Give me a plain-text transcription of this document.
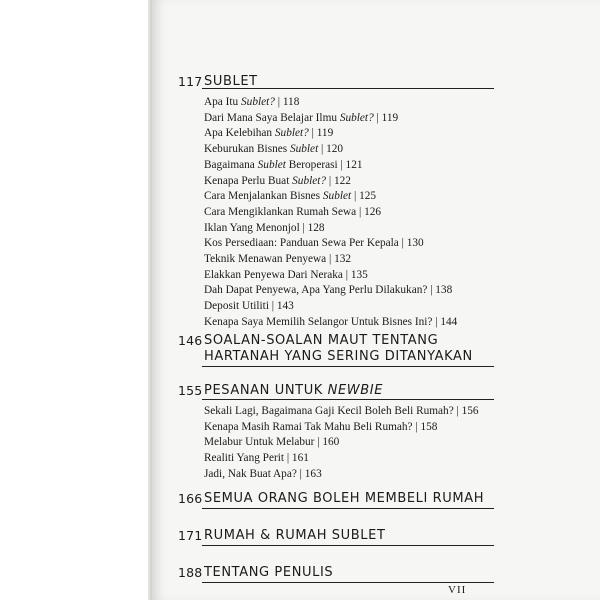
117 SUBLET
Apa Itu Sublet? | 118
Dari Mana Saya Belajar Ilmu Sublet? | 119
Apa Kelebihan Sublet? | 119
Keburukan Bisnes Sublet | 120
Bagaimana Sublet Beroperasi | 121
Kenapa Perlu Buat Sublet? | 122
Cara Menjalankan Bisnes Sublet | 125
Cara Mengiklankan Rumah Sewa | 126
Iklan Yang Menonjol | 128
Kos Persediaan: Panduan Sewa Per Kepala | 130
Teknik Menawan Penyewa | 132
Elakkan Penyewa Dari Neraka | 135
Dah Dapat Penyewa, Apa Yang Perlu Dilakukan? | 138
Deposit Utiliti | 143
Kenapa Saya Memilih Selangor Untuk Bisnes Ini? | 144
146 SOALAN-SOALAN MAUT TENTANG
HARTANAH YANG SERING DITANYAKAN
155 PESANAN UNTUK NEWBIE
Sekali Lagi, Bagaimana Gaji Kecil Boleh Beli Rumah? | 156
Kenapa Masih Ramai Tak Mahu Beli Rumah? | 158
Melabur Untuk Melabur | 160
Realiti Yang Perit | 161
Jadi, Nak Buat Apa? | 163
166 SEMUA ORANG BOLEH MEMBELI RUMAH
171 RUMAH & RUMAH SUBLET
188 TENTANG PENULIS
VII
